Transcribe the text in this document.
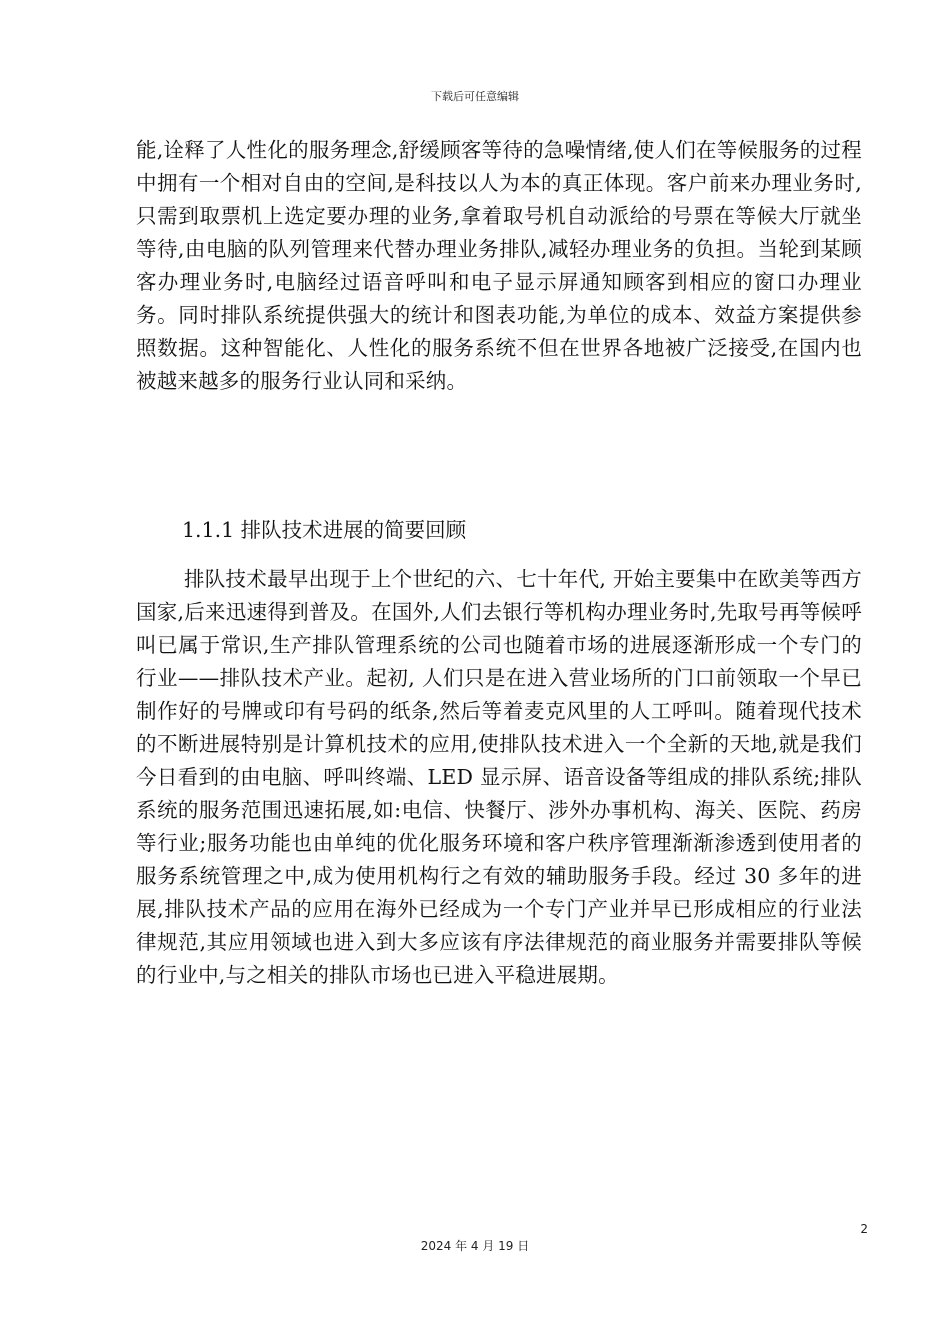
下载后可任意编辑
能,诠释了人性化的服务理念,舒缓顾客等待的急噪情绪,使人们在等候服务的过程中拥有一个相对自由的空间,是科技以人为本的真正体现。客户前来办理业务时,只需到取票机上选定要办理的业务,拿着取号机自动派给的号票在等候大厅就坐等待,由电脑的队列管理来代替办理业务排队,减轻办理业务的负担。当轮到某顾客办理业务时,电脑经过语音呼叫和电子显示屏通知顾客到相应的窗口办理业务。同时排队系统提供强大的统计和图表功能,为单位的成本、效益方案提供参照数据。这种智能化、人性化的服务系统不但在世界各地被广泛接受,在国内也被越来越多的服务行业认同和采纳。
1.1.1 排队技术进展的简要回顾
排队技术最早出现于上个世纪的六、七十年代, 开始主要集中在欧美等西方国家,后来迅速得到普及。在国外,人们去银行等机构办理业务时,先取号再等候呼叫已属于常识,生产排队管理系统的公司也随着市场的进展逐渐形成一个专门的行业——排队技术产业。起初, 人们只是在进入营业场所的门口前领取一个早已制作好的号牌或印有号码的纸条,然后等着麦克风里的人工呼叫。随着现代技术的不断进展特别是计算机技术的应用,使排队技术进入一个全新的天地,就是我们今日看到的由电脑、呼叫终端、LED 显示屏、语音设备等组成的排队系统;排队系统的服务范围迅速拓展,如:电信、快餐厅、涉外办事机构、海关、医院、药房等行业;服务功能也由单纯的优化服务环境和客户秩序管理渐渐渗透到使用者的服务系统管理之中,成为使用机构行之有效的辅助服务手段。经过 30 多年的进展,排队技术产品的应用在海外已经成为一个专门产业并早已形成相应的行业法律规范,其应用领域也进入到大多应该有序法律规范的商业服务并需要排队等候的行业中,与之相关的排队市场也已进入平稳进展期。
2
2024 年 4 月 19 日
